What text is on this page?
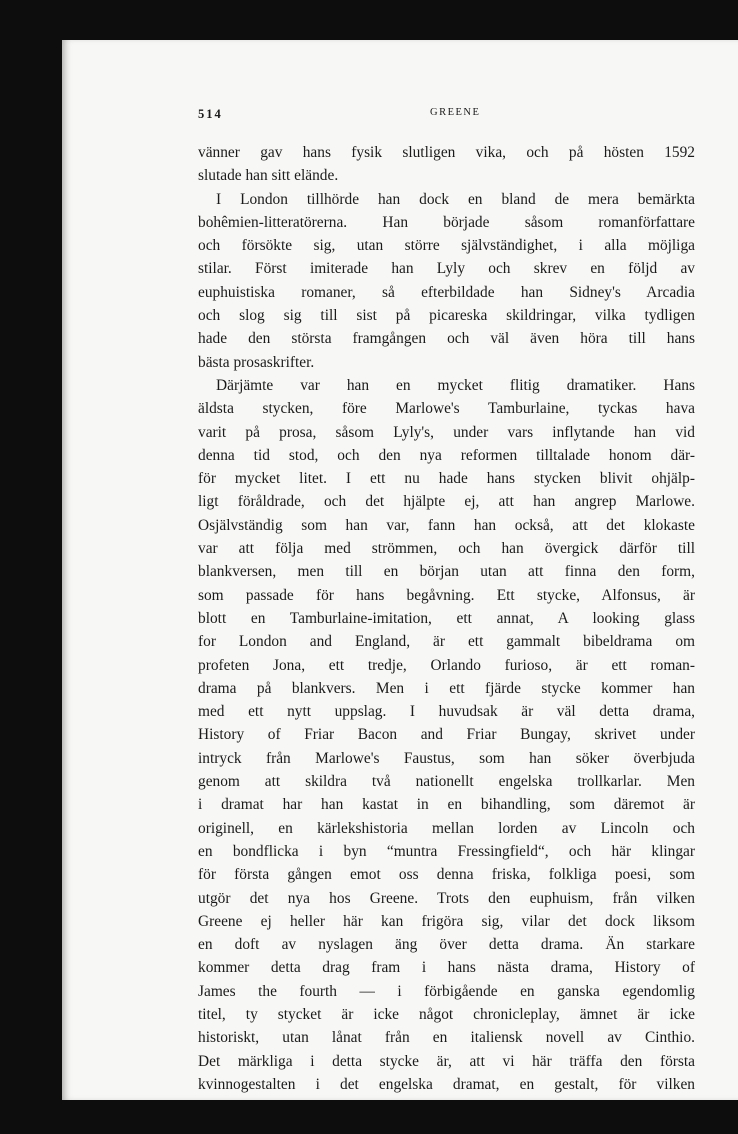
514	GREENE
vänner gav hans fysik slutligen vika, och på hösten 1592
slutade han sitt elände.
I London tillhörde han dock en bland de mera bemärkta
bohêmien-litteratörerna. Han började såsom romanförfattare
och försökte sig, utan större självständighet, i alla möjliga
stilar. Först imiterade han Lyly och skrev en följd av
euphuistiska romaner, så efterbildade han Sidney's Arcadia
och slog sig till sist på picareska skildringar, vilka tydligen
hade den största framgången och väl även höra till hans
bästa prosaskrifter.
Därjämte var han en mycket flitig dramatiker. Hans
äldsta stycken, före Marlowe's Tamburlaine, tyckas hava
varit på prosa, såsom Lyly's, under vars inflytande han vid
denna tid stod, och den nya reformen tilltalade honom där-
för mycket litet. I ett nu hade hans stycken blivit ohjälp-
ligt föråldrade, och det hjälpte ej, att han angrep Marlowe.
Osjälvständig som han var, fann han också, att det klokaste
var att följa med strömmen, och han övergick därför till
blankversen, men till en början utan att finna den form,
som passade för hans begåvning. Ett stycke, Alfonsus, är
blott en Tamburlaine-imitation, ett annat, A looking glass
for London and England, är ett gammalt bibeldrama om
profeten Jona, ett tredje, Orlando furioso, är ett roman-
drama på blankvers. Men i ett fjärde stycke kommer han
med ett nytt uppslag. I huvudsak är väl detta drama,
History of Friar Bacon and Friar Bungay, skrivet under
intryck från Marlowe's Faustus, som han söker överbjuda
genom att skildra två nationellt engelska trollkarlar. Men
i dramat har han kastat in en bihandling, som däremot är
originell, en kärlekshistoria mellan lorden av Lincoln och
en bondflicka i byn “muntra Fressingfield“, och här klingar
för första gången emot oss denna friska, folkliga poesi, som
utgör det nya hos Greene. Trots den euphuism, från vilken
Greene ej heller här kan frigöra sig, vilar det dock liksom
en doft av nyslagen äng över detta drama. Än starkare
kommer detta drag fram i hans nästa drama, History of
James the fourth — i förbigående en ganska egendomlig
titel, ty stycket är icke något chronicleplay, ämnet är icke
historiskt, utan lånat från en italiensk novell av Cinthio.
Det märkliga i detta stycke är, att vi här träffa den första
kvinnogestalten i det engelska dramat, en gestalt, för vilken
